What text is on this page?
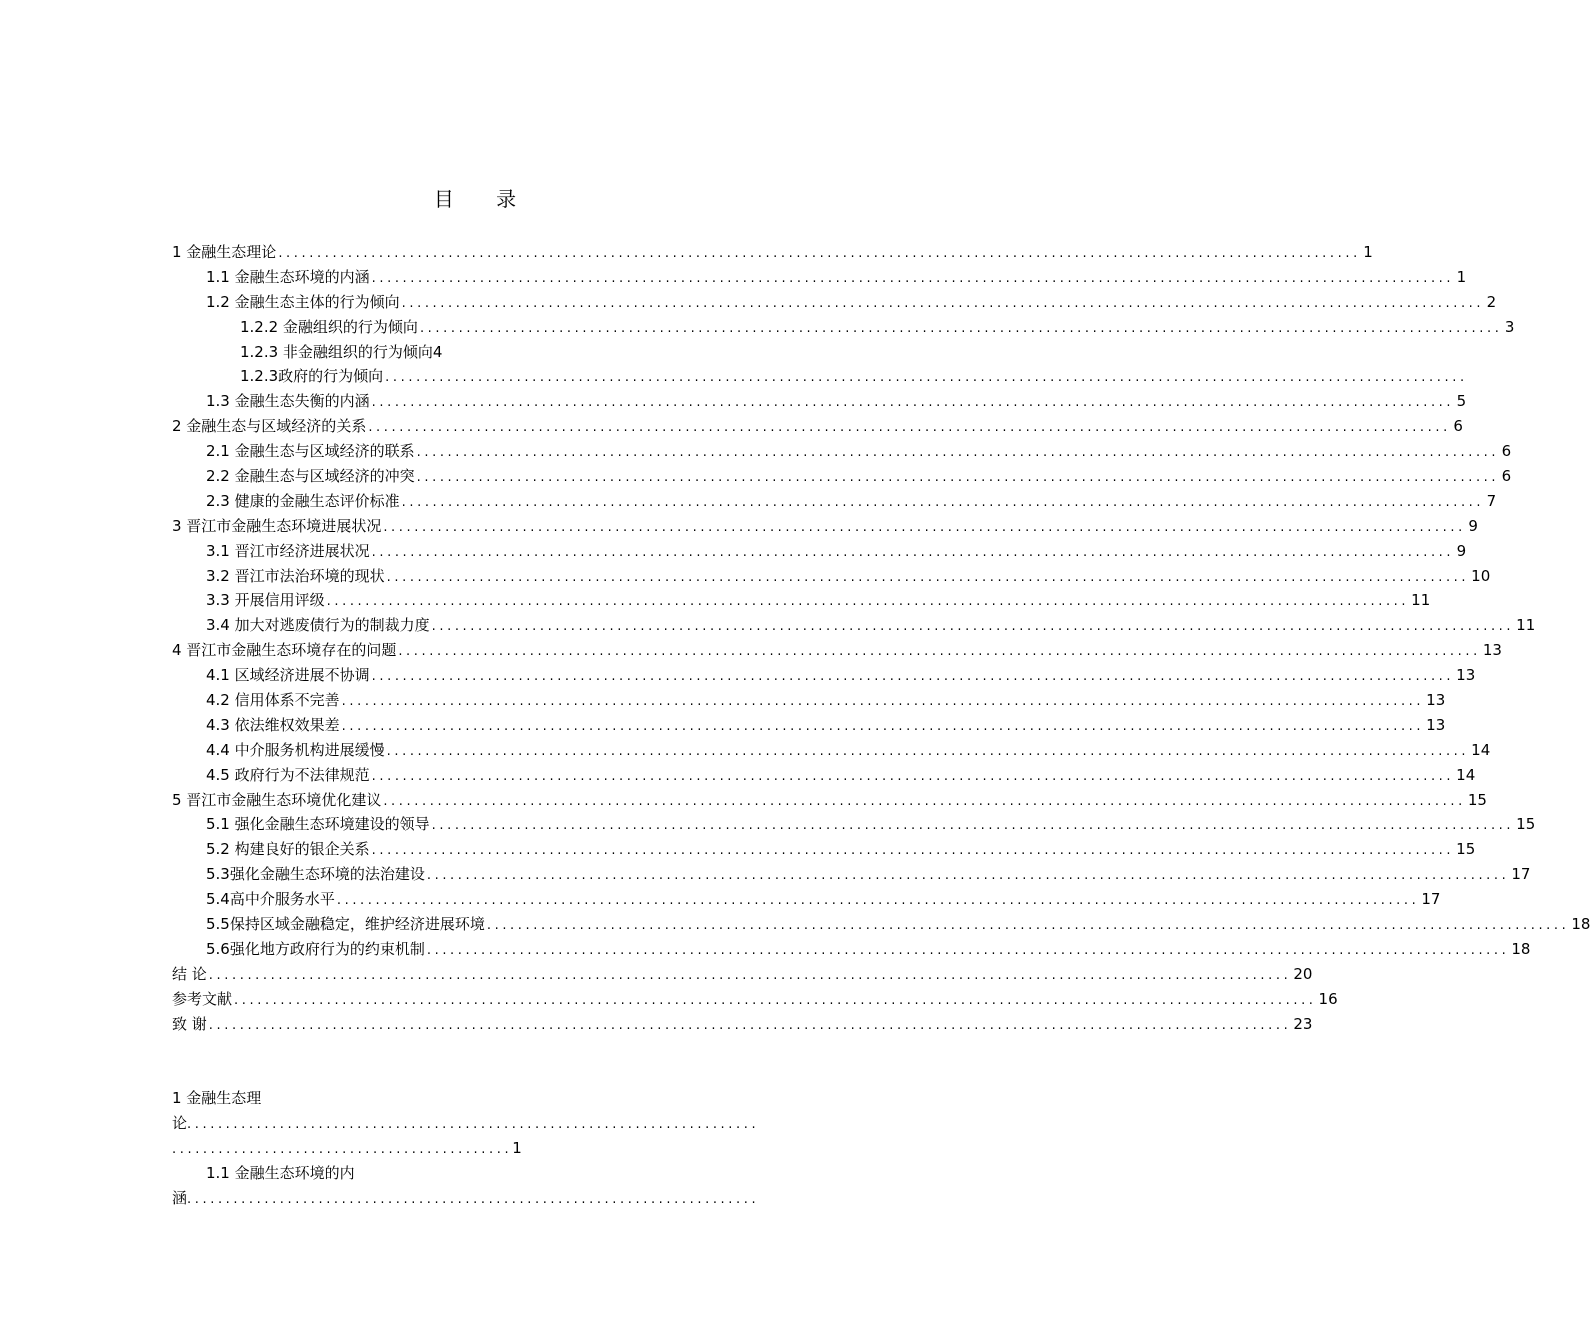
目 录
1 金融生态理论 ............................................................................................................................................ 1
1.1 金融生态环境的内涵 ............................................................................................................................................ 1
1.2 金融生态主体的行为倾向 ............................................................................................................................................ 2
1.2.2 金融组织的行为倾向 ............................................................................................................................................ 3
1.2.3 非金融组织的行为倾向4
1.2.3政府的行为倾向 ............................................................................................................................................
1.3 金融生态失衡的内涵 ............................................................................................................................................ 5
2 金融生态与区域经济的关系 ............................................................................................................................................ 6
2.1 金融生态与区域经济的联系 ............................................................................................................................................ 6
2.2 金融生态与区域经济的冲突 ............................................................................................................................................ 6
2.3 健康的金融生态评价标准 ............................................................................................................................................ 7
3 晋江市金融生态环境进展状况 ............................................................................................................................................ 9
3.1 晋江市经济进展状况 ............................................................................................................................................ 9
3.2 晋江市法治环境的现状 ............................................................................................................................................ 10
3.3 开展信用评级 ............................................................................................................................................ 11
3.4 加大对逃废债行为的制裁力度 ............................................................................................................................................ 11
4 晋江市金融生态环境存在的问题 ............................................................................................................................................ 13
4.1 区域经济进展不协调 ............................................................................................................................................ 13
4.2 信用体系不完善 ............................................................................................................................................ 13
4.3 依法维权效果差 ............................................................................................................................................ 13
4.4 中介服务机构进展缓慢 ............................................................................................................................................ 14
4.5 政府行为不法律规范 ............................................................................................................................................ 14
5 晋江市金融生态环境优化建议 ............................................................................................................................................ 15
5.1 强化金融生态环境建设的领导 ............................................................................................................................................ 15
5.2 构建良好的银企关系 ............................................................................................................................................ 15
5.3强化金融生态环境的法治建设 ............................................................................................................................................ 17
5.4高中介服务水平 ............................................................................................................................................ 17
5.5保持区域金融稳定，维护经济进展环境 ............................................................................................................................................ 18
5.6强化地方政府行为的约束机制 ............................................................................................................................................ 18
结 论 ............................................................................................................................................ 20
参考文献 ............................................................................................................................................ 16
致 谢 ............................................................................................................................................ 23
1 金融生态理
论..........................................................................
............................................1
1.1 金融生态环境的内
涵..........................................................................
